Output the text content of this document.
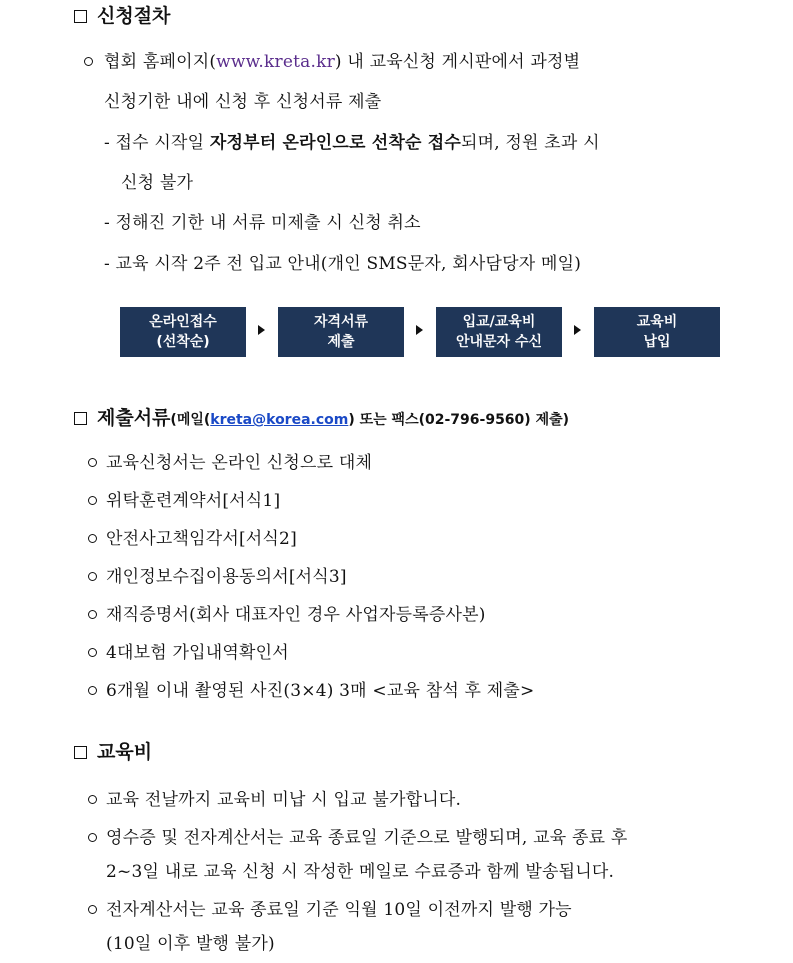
신청절차
협회 홈페이지(www.kreta.kr) 내 교육신청 게시판에서 과정별
신청기한 내에 신청 후 신청서류 제출
- 접수 시작일 자정부터 온라인으로 선착순 접수되며, 정원 초과 시
신청 불가
- 정해진 기한 내 서류 미제출 시 신청 취소
- 교육 시작 2주 전 입교 안내(개인 SMS문자, 회사담당자 메일)
온라인접수
(선착순)
자격서류
제출
입교/교육비
안내문자 수신
교육비
납입
제출서류(메일(kreta@korea.com) 또는 팩스(02-796-9560) 제출)
교육신청서는 온라인 신청으로 대체
위탁훈련계약서[서식1]
안전사고책임각서[서식2]
개인정보수집이용동의서[서식3]
재직증명서(회사 대표자인 경우 사업자등록증사본)
4대보험 가입내역확인서
6개월 이내 촬영된 사진(3×4) 3매 <교육 참석 후 제출>
교육비
교육 전날까지 교육비 미납 시 입교 불가합니다.
영수증 및 전자계산서는 교육 종료일 기준으로 발행되며, 교육 종료 후
2~3일 내로 교육 신청 시 작성한 메일로 수료증과 함께 발송됩니다.
전자계산서는 교육 종료일 기준 익월 10일 이전까지 발행 가능
(10일 이후 발행 불가)
